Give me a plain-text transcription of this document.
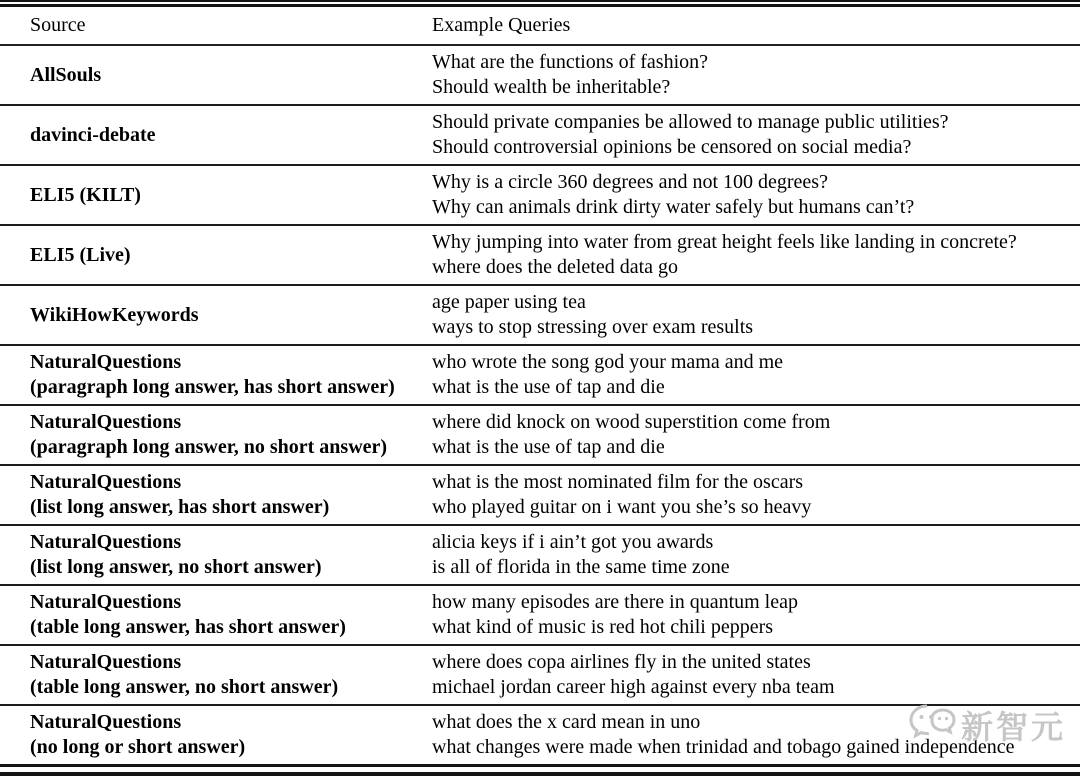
Source	Example Queries
AllSouls
What are the functions of fashion?
Should wealth be inheritable?
davinci-debate
Should private companies be allowed to manage public utilities?
Should controversial opinions be censored on social media?
ELI5 (KILT)
Why is a circle 360 degrees and not 100 degrees?
Why can animals drink dirty water safely but humans can’t?
ELI5 (Live)
Why jumping into water from great height feels like landing in concrete?
where does the deleted data go
WikiHowKeywords
age paper using tea
ways to stop stressing over exam results
NaturalQuestions
(paragraph long answer, has short answer)
who wrote the song god your mama and me
what is the use of tap and die
NaturalQuestions
(paragraph long answer, no short answer)
where did knock on wood superstition come from
what is the use of tap and die
NaturalQuestions
(list long answer, has short answer)
what is the most nominated film for the oscars
who played guitar on i want you she’s so heavy
NaturalQuestions
(list long answer, no short answer)
alicia keys if i ain’t got you awards
is all of florida in the same time zone
NaturalQuestions
(table long answer, has short answer)
how many episodes are there in quantum leap
what kind of music is red hot chili peppers
NaturalQuestions
(table long answer, no short answer)
where does copa airlines fly in the united states
michael jordan career high against every nba team
NaturalQuestions
(no long or short answer)
what does the x card mean in uno
what changes were made when trinidad and tobago gained independence
新智元
